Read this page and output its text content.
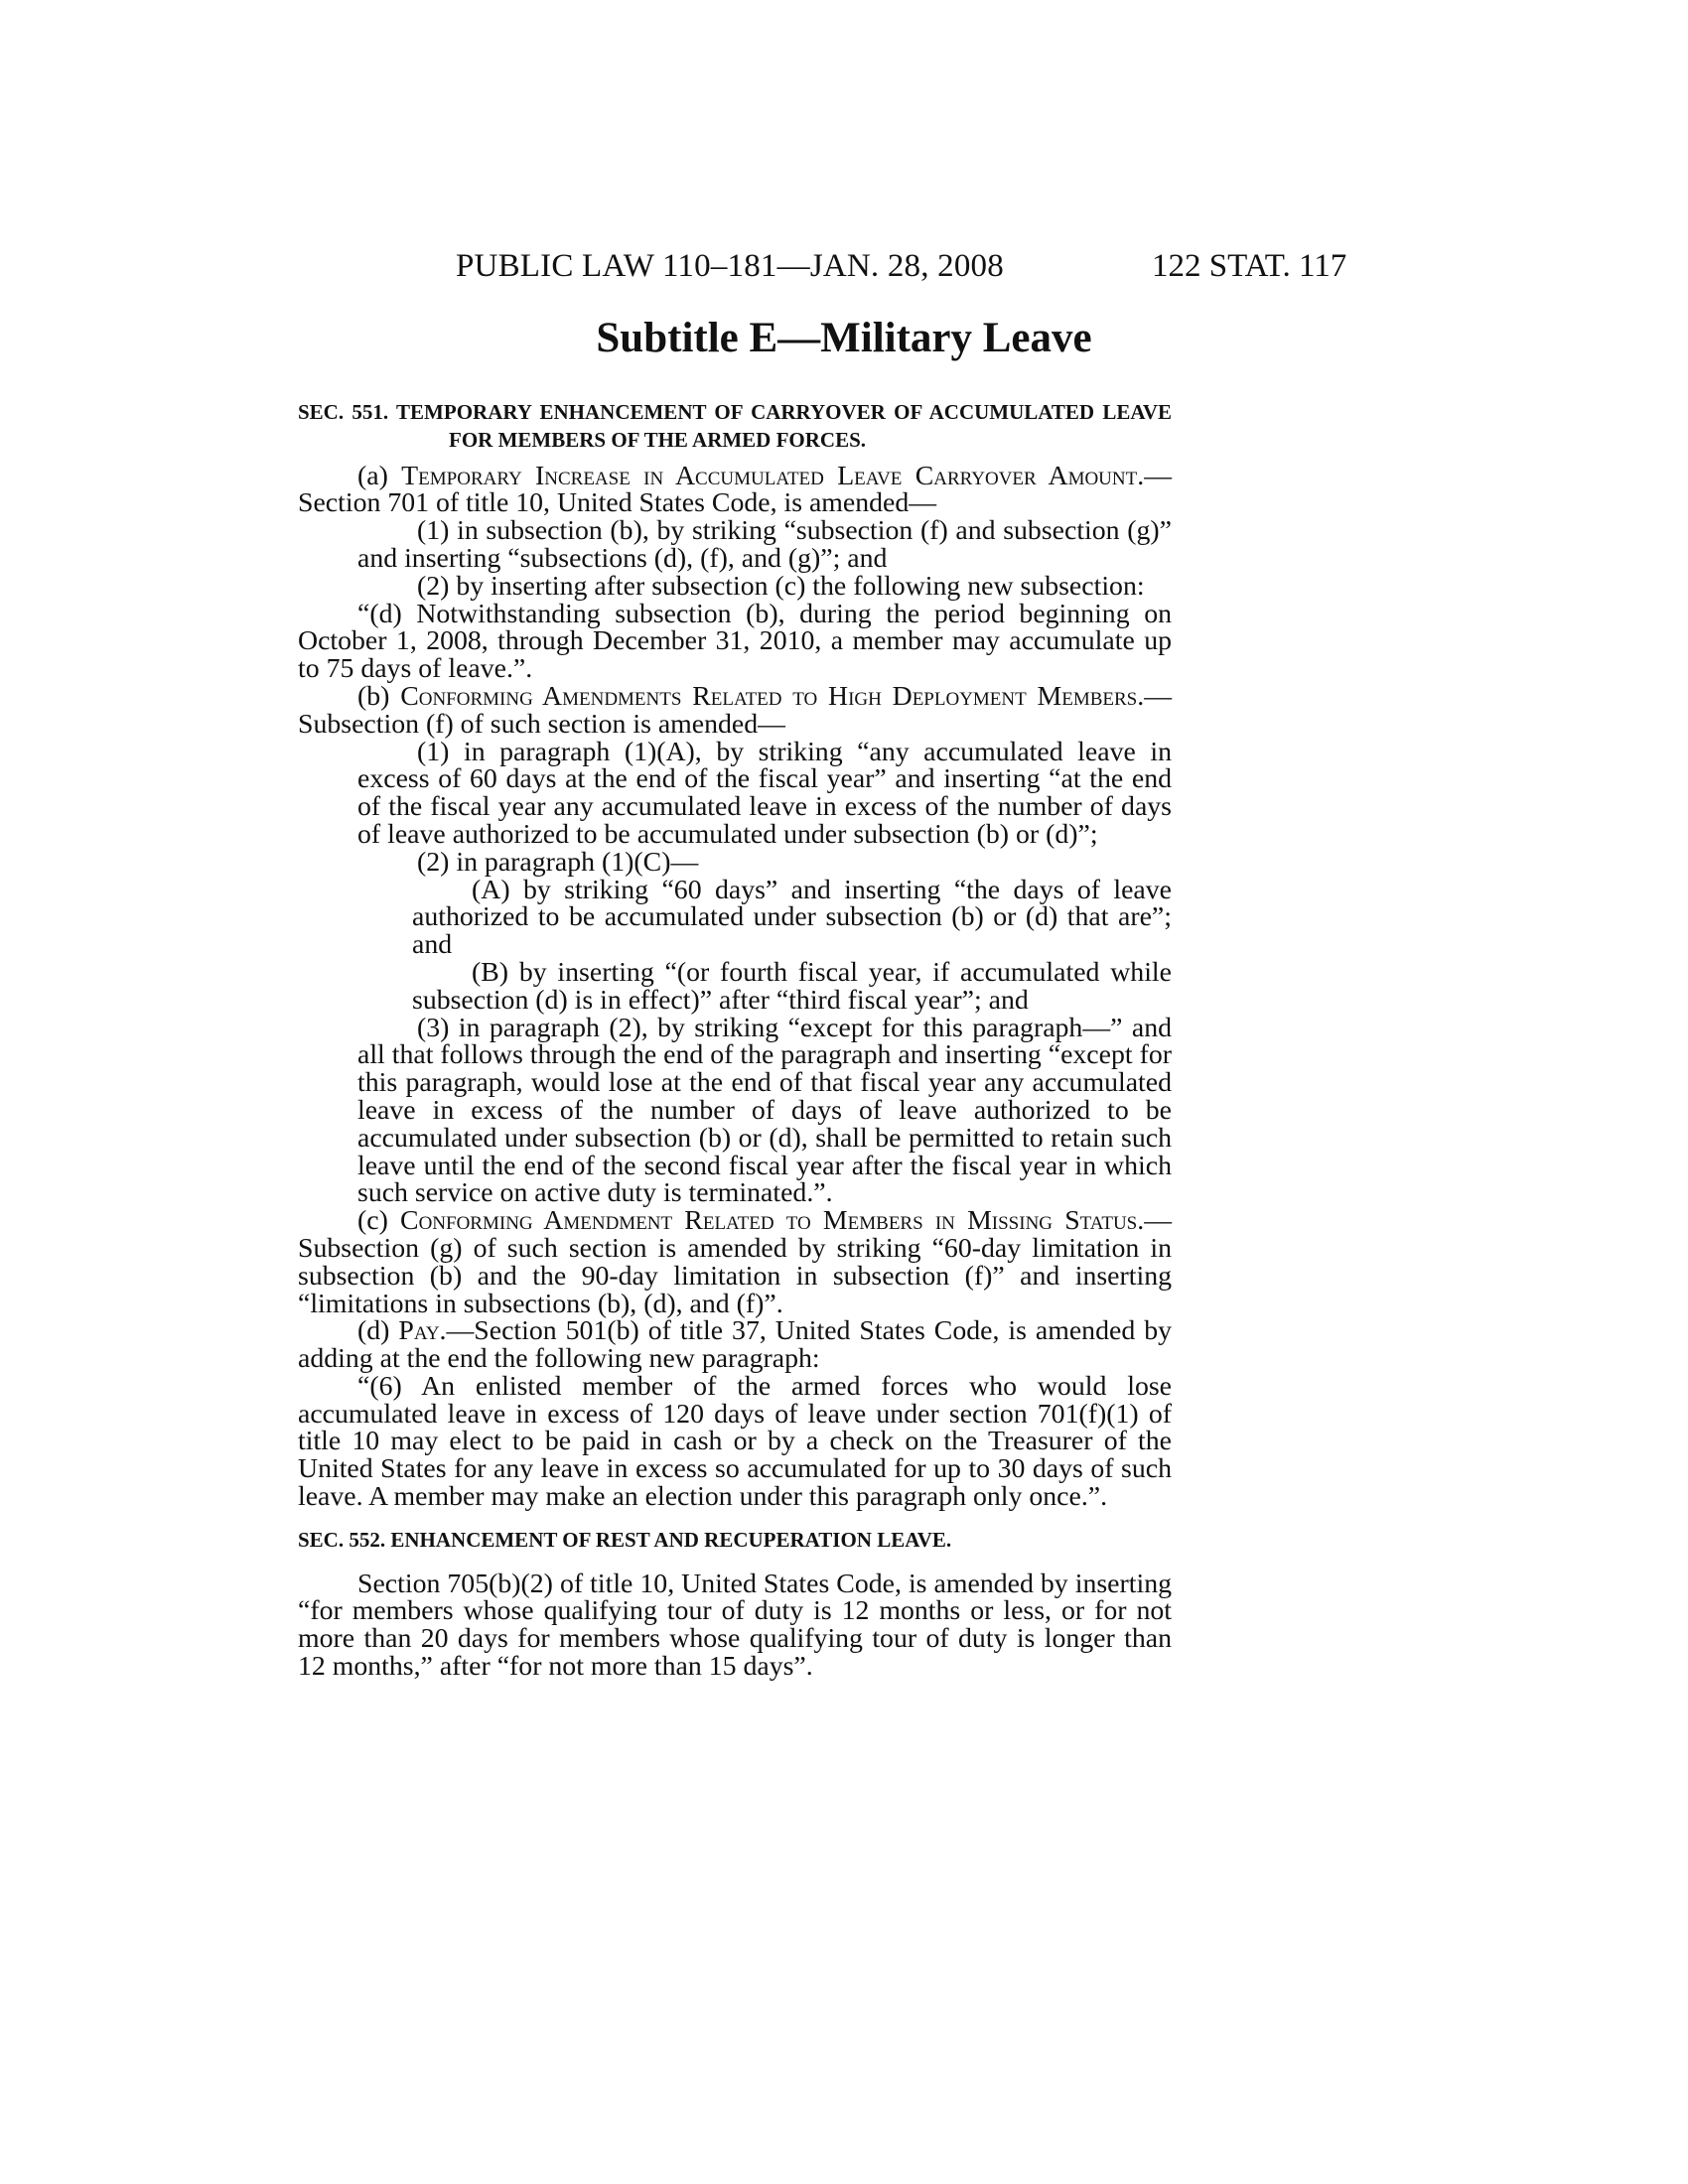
PUBLIC LAW 110–181—JAN. 28, 2008	122 STAT. 117
Subtitle E—Military Leave
SEC. 551. TEMPORARY ENHANCEMENT OF CARRYOVER OF ACCUMULATED LEAVE FOR MEMBERS OF THE ARMED FORCES.

(a) Temporary Increase in Accumulated Leave Carryover Amount.—Section 701 of title 10, United States Code, is amended—

(1) in subsection (b), by striking “subsection (f) and subsection (g)” and inserting “subsections (d), (f), and (g)”; and

(2) by inserting after subsection (c) the following new subsection:

“(d) Notwithstanding subsection (b), during the period beginning on October 1, 2008, through December 31, 2010, a member may accumulate up to 75 days of leave.”.

(b) Conforming Amendments Related to High Deployment Members.—Subsection (f) of such section is amended—

(1) in paragraph (1)(A), by striking “any accumulated leave in excess of 60 days at the end of the fiscal year” and inserting “at the end of the fiscal year any accumulated leave in excess of the number of days of leave authorized to be accumulated under subsection (b) or (d)”;

(2) in paragraph (1)(C)—

(A) by striking “60 days” and inserting “the days of leave authorized to be accumulated under subsection (b) or (d) that are”; and

(B) by inserting “(or fourth fiscal year, if accumulated while subsection (d) is in effect)” after “third fiscal year”; and

(3) in paragraph (2), by striking “except for this paragraph—” and all that follows through the end of the paragraph and inserting “except for this paragraph, would lose at the end of that fiscal year any accumulated leave in excess of the number of days of leave authorized to be accumulated under subsection (b) or (d), shall be permitted to retain such leave until the end of the second fiscal year after the fiscal year in which such service on active duty is terminated.”.

(c) Conforming Amendment Related to Members in Missing Status.—Subsection (g) of such section is amended by striking “60-day limitation in subsection (b) and the 90-day limitation in subsection (f)” and inserting “limitations in subsections (b), (d), and (f)”.

(d) Pay.—Section 501(b) of title 37, United States Code, is amended by adding at the end the following new paragraph:

“(6) An enlisted member of the armed forces who would lose accumulated leave in excess of 120 days of leave under section 701(f)(1) of title 10 may elect to be paid in cash or by a check on the Treasurer of the United States for any leave in excess so accumulated for up to 30 days of such leave. A member may make an election under this paragraph only once.”.

SEC. 552. ENHANCEMENT OF REST AND RECUPERATION LEAVE.

Section 705(b)(2) of title 10, United States Code, is amended by inserting “for members whose qualifying tour of duty is 12 months or less, or for not more than 20 days for members whose qualifying tour of duty is longer than 12 months,” after “for not more than 15 days”.
